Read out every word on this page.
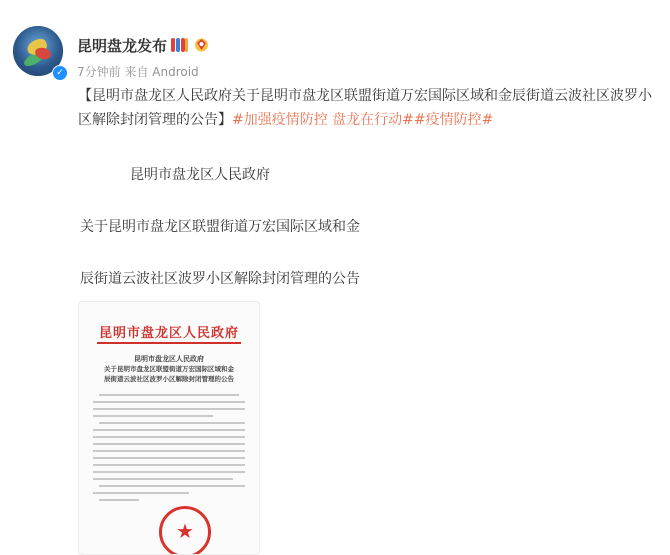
✓
昆明盘龙发布
7分钟前 来自 Android
【昆明市盘龙区人民政府关于昆明市盘龙区联盟街道万宏国际区域和金辰街道云波社区波罗小区解除封闭管理的公告】#加强疫情防控 盘龙在行动##疫情防控#
昆明市盘龙区人民政府
关于昆明市盘龙区联盟街道万宏国际区域和金
辰街道云波社区波罗小区解除封闭管理的公告
昆明市盘龙区人民政府
昆明市盘龙区人民政府
关于昆明市盘龙区联盟街道万宏国际区域和金
辰街道云波社区波罗小区解除封闭管理的公告
★
